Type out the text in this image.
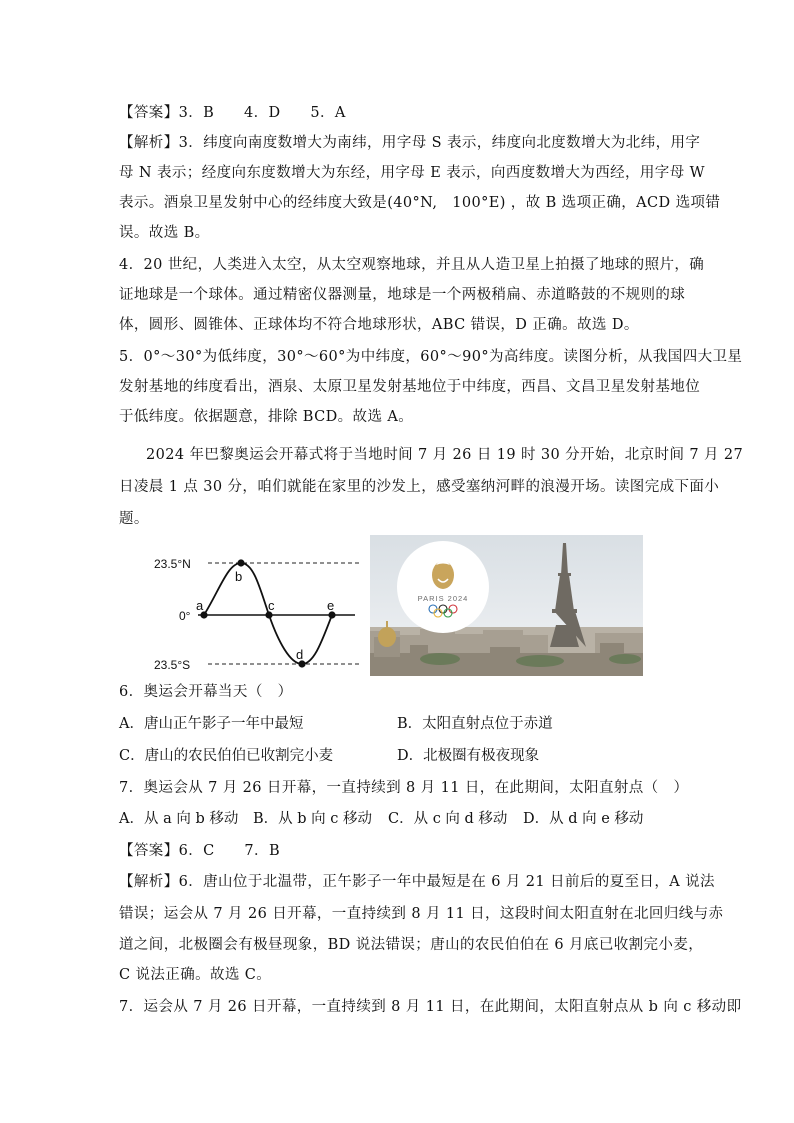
【答案】3．B　　4．D　　5．A
【解析】3．纬度向南度数增大为南纬，用字母 S 表示，纬度向北度数增大为北纬，用字
母 N 表示；经度向东度数增大为东经，用字母 E 表示，向西度数增大为西经，用字母 W
表示。酒泉卫星发射中心的经纬度大致是(40°N,　100°E) ，故 B 选项正确，ACD 选项错
误。故选 B。
4．20 世纪，人类进入太空，从太空观察地球，并且从人造卫星上拍摄了地球的照片，确
证地球是一个球体。通过精密仪器测量，地球是一个两极稍扁、赤道略鼓的不规则的球
体，圆形、圆锥体、正球体均不符合地球形状，ABC 错误，D 正确。故选 D。
5．0°～30°为低纬度，30°～60°为中纬度，60°～90°为高纬度。读图分析，从我国四大卫星
发射基地的纬度看出，酒泉、太原卫星发射基地位于中纬度，西昌、文昌卫星发射基地位
于低纬度。依据题意，排除 BCD。故选 A。
2024 年巴黎奥运会开幕式将于当地时间 7 月 26 日 19 时 30 分开始，北京时间 7 月 27
日凌晨 1 点 30 分，咱们就能在家里的沙发上，感受塞纳河畔的浪漫开场。读图完成下面小
题。
23.5°N
0°
23.5°S
a
b
c
d
e	PARIS 2024
6．奥运会开幕当天（　）
A．唐山正午影子一年中最短	B．太阳直射点位于赤道
C．唐山的农民伯伯已收割完小麦	D．北极圈有极夜现象
7．奥运会从 7 月 26 日开幕，一直持续到 8 月 11 日，在此期间，太阳直射点（　）
A．从 a 向 b 移动 B．从 b 向 c 移动 C．从 c 向 d 移动 D．从 d 向 e 移动
【答案】6．C　　7．B
【解析】6．唐山位于北温带，正午影子一年中最短是在 6 月 21 日前后的夏至日，A 说法
错误；运会从 7 月 26 日开幕，一直持续到 8 月 11 日，这段时间太阳直射在北回归线与赤
道之间，北极圈会有极昼现象，BD 说法错误；唐山的农民伯伯在 6 月底已收割完小麦，
C 说法正确。故选 C。
7．运会从 7 月 26 日开幕，一直持续到 8 月 11 日，在此期间，太阳直射点从 b 向 c 移动即
